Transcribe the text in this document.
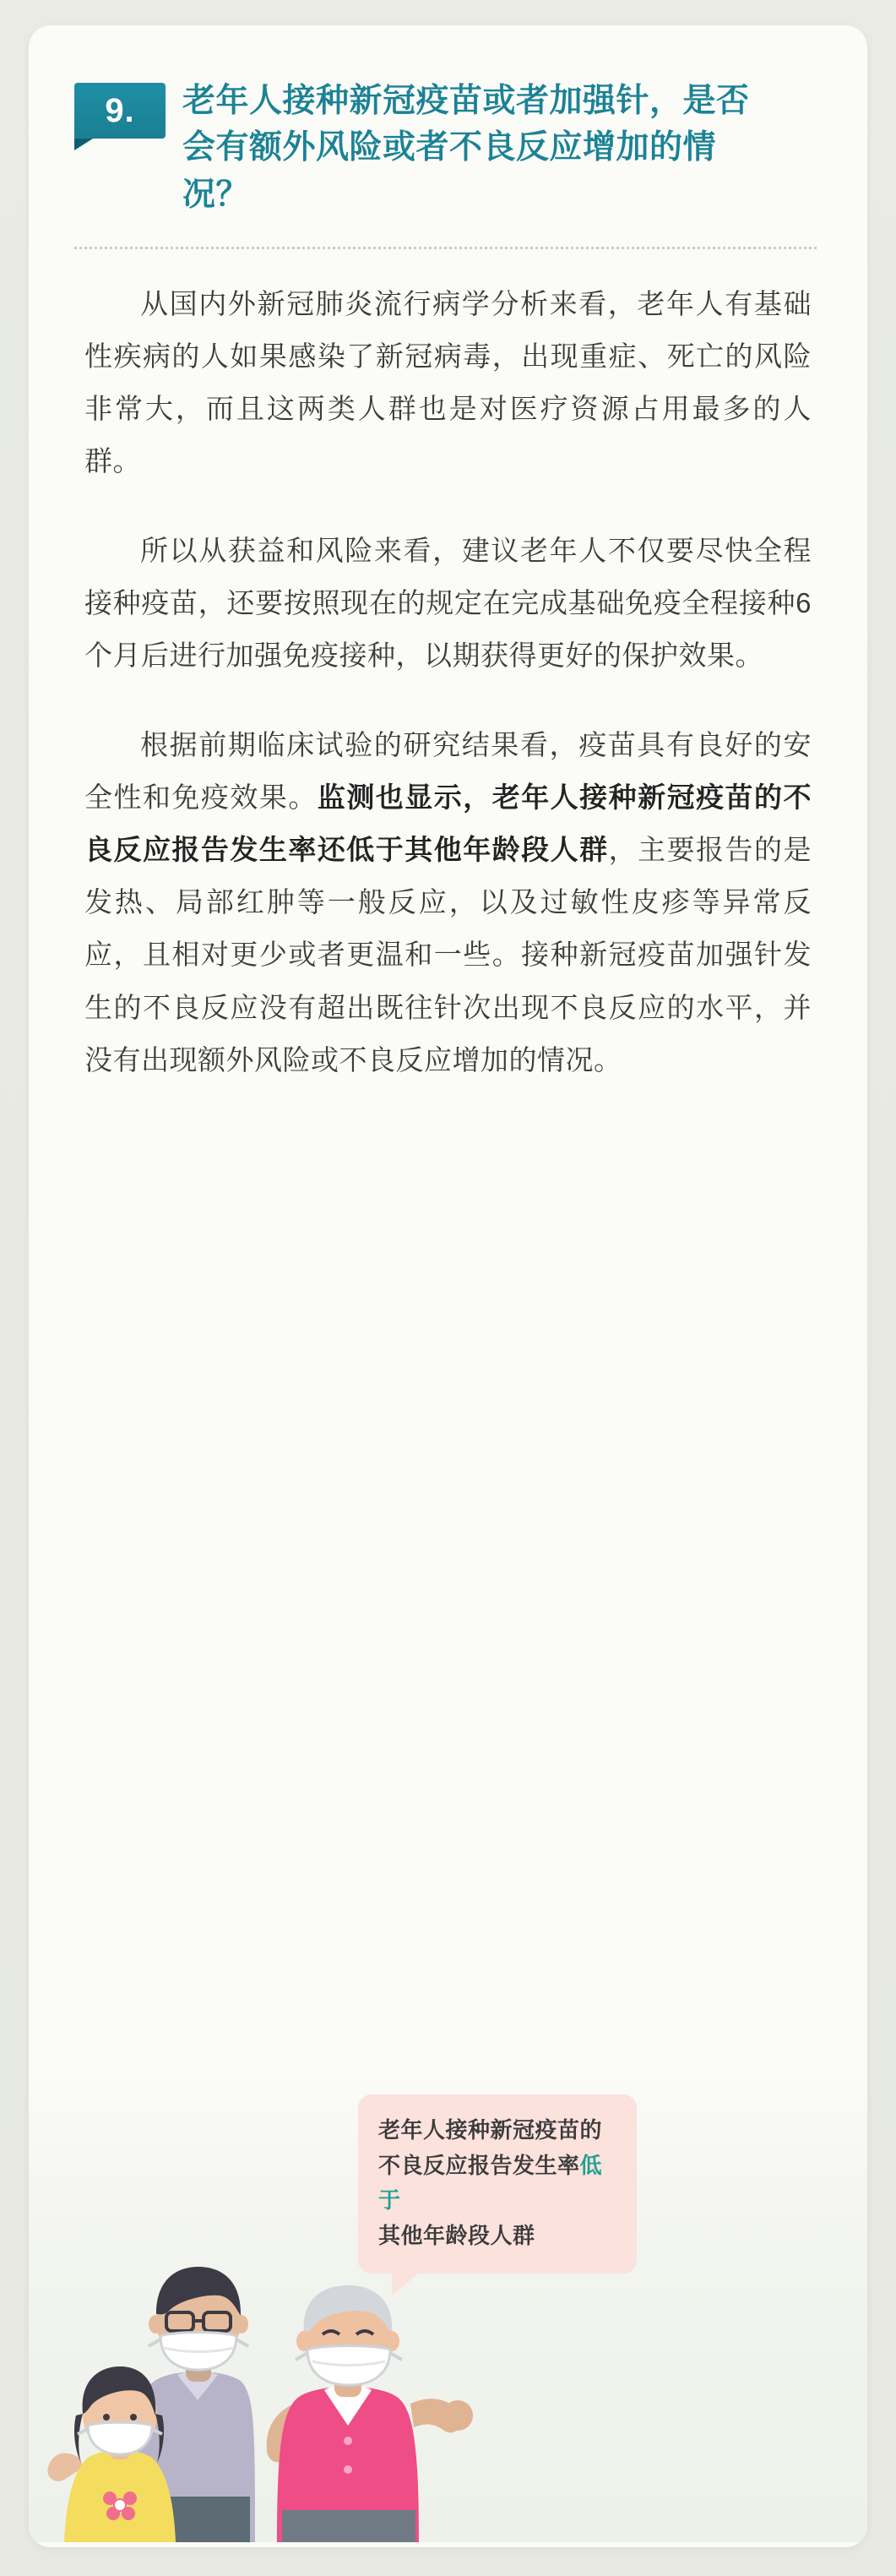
9.	老年人接种新冠疫苗或者加强针，是否会有额外风险或者不良反应增加的情况？

从国内外新冠肺炎流行病学分析来看，老年人有基础性疾病的人如果感染了新冠病毒，出现重症、死亡的风险非常大，而且这两类人群也是对医疗资源占用最多的人群。

所以从获益和风险来看，建议老年人不仅要尽快全程接种疫苗，还要按照现在的规定在完成基础免疫全程接种6个月后进行加强免疫接种，以期获得更好的保护效果。

根据前期临床试验的研究结果看，疫苗具有良好的安全性和免疫效果。监测也显示，老年人接种新冠疫苗的不良反应报告发生率还低于其他年龄段人群，主要报告的是发热、局部红肿等一般反应，以及过敏性皮疹等异常反应，且相对更少或者更温和一些。接种新冠疫苗加强针发生的不良反应没有超出既往针次出现不良反应的水平，并没有出现额外风险或不良反应增加的情况。

老年人接种新冠疫苗的
不良反应报告发生率低于
其他年龄段人群
